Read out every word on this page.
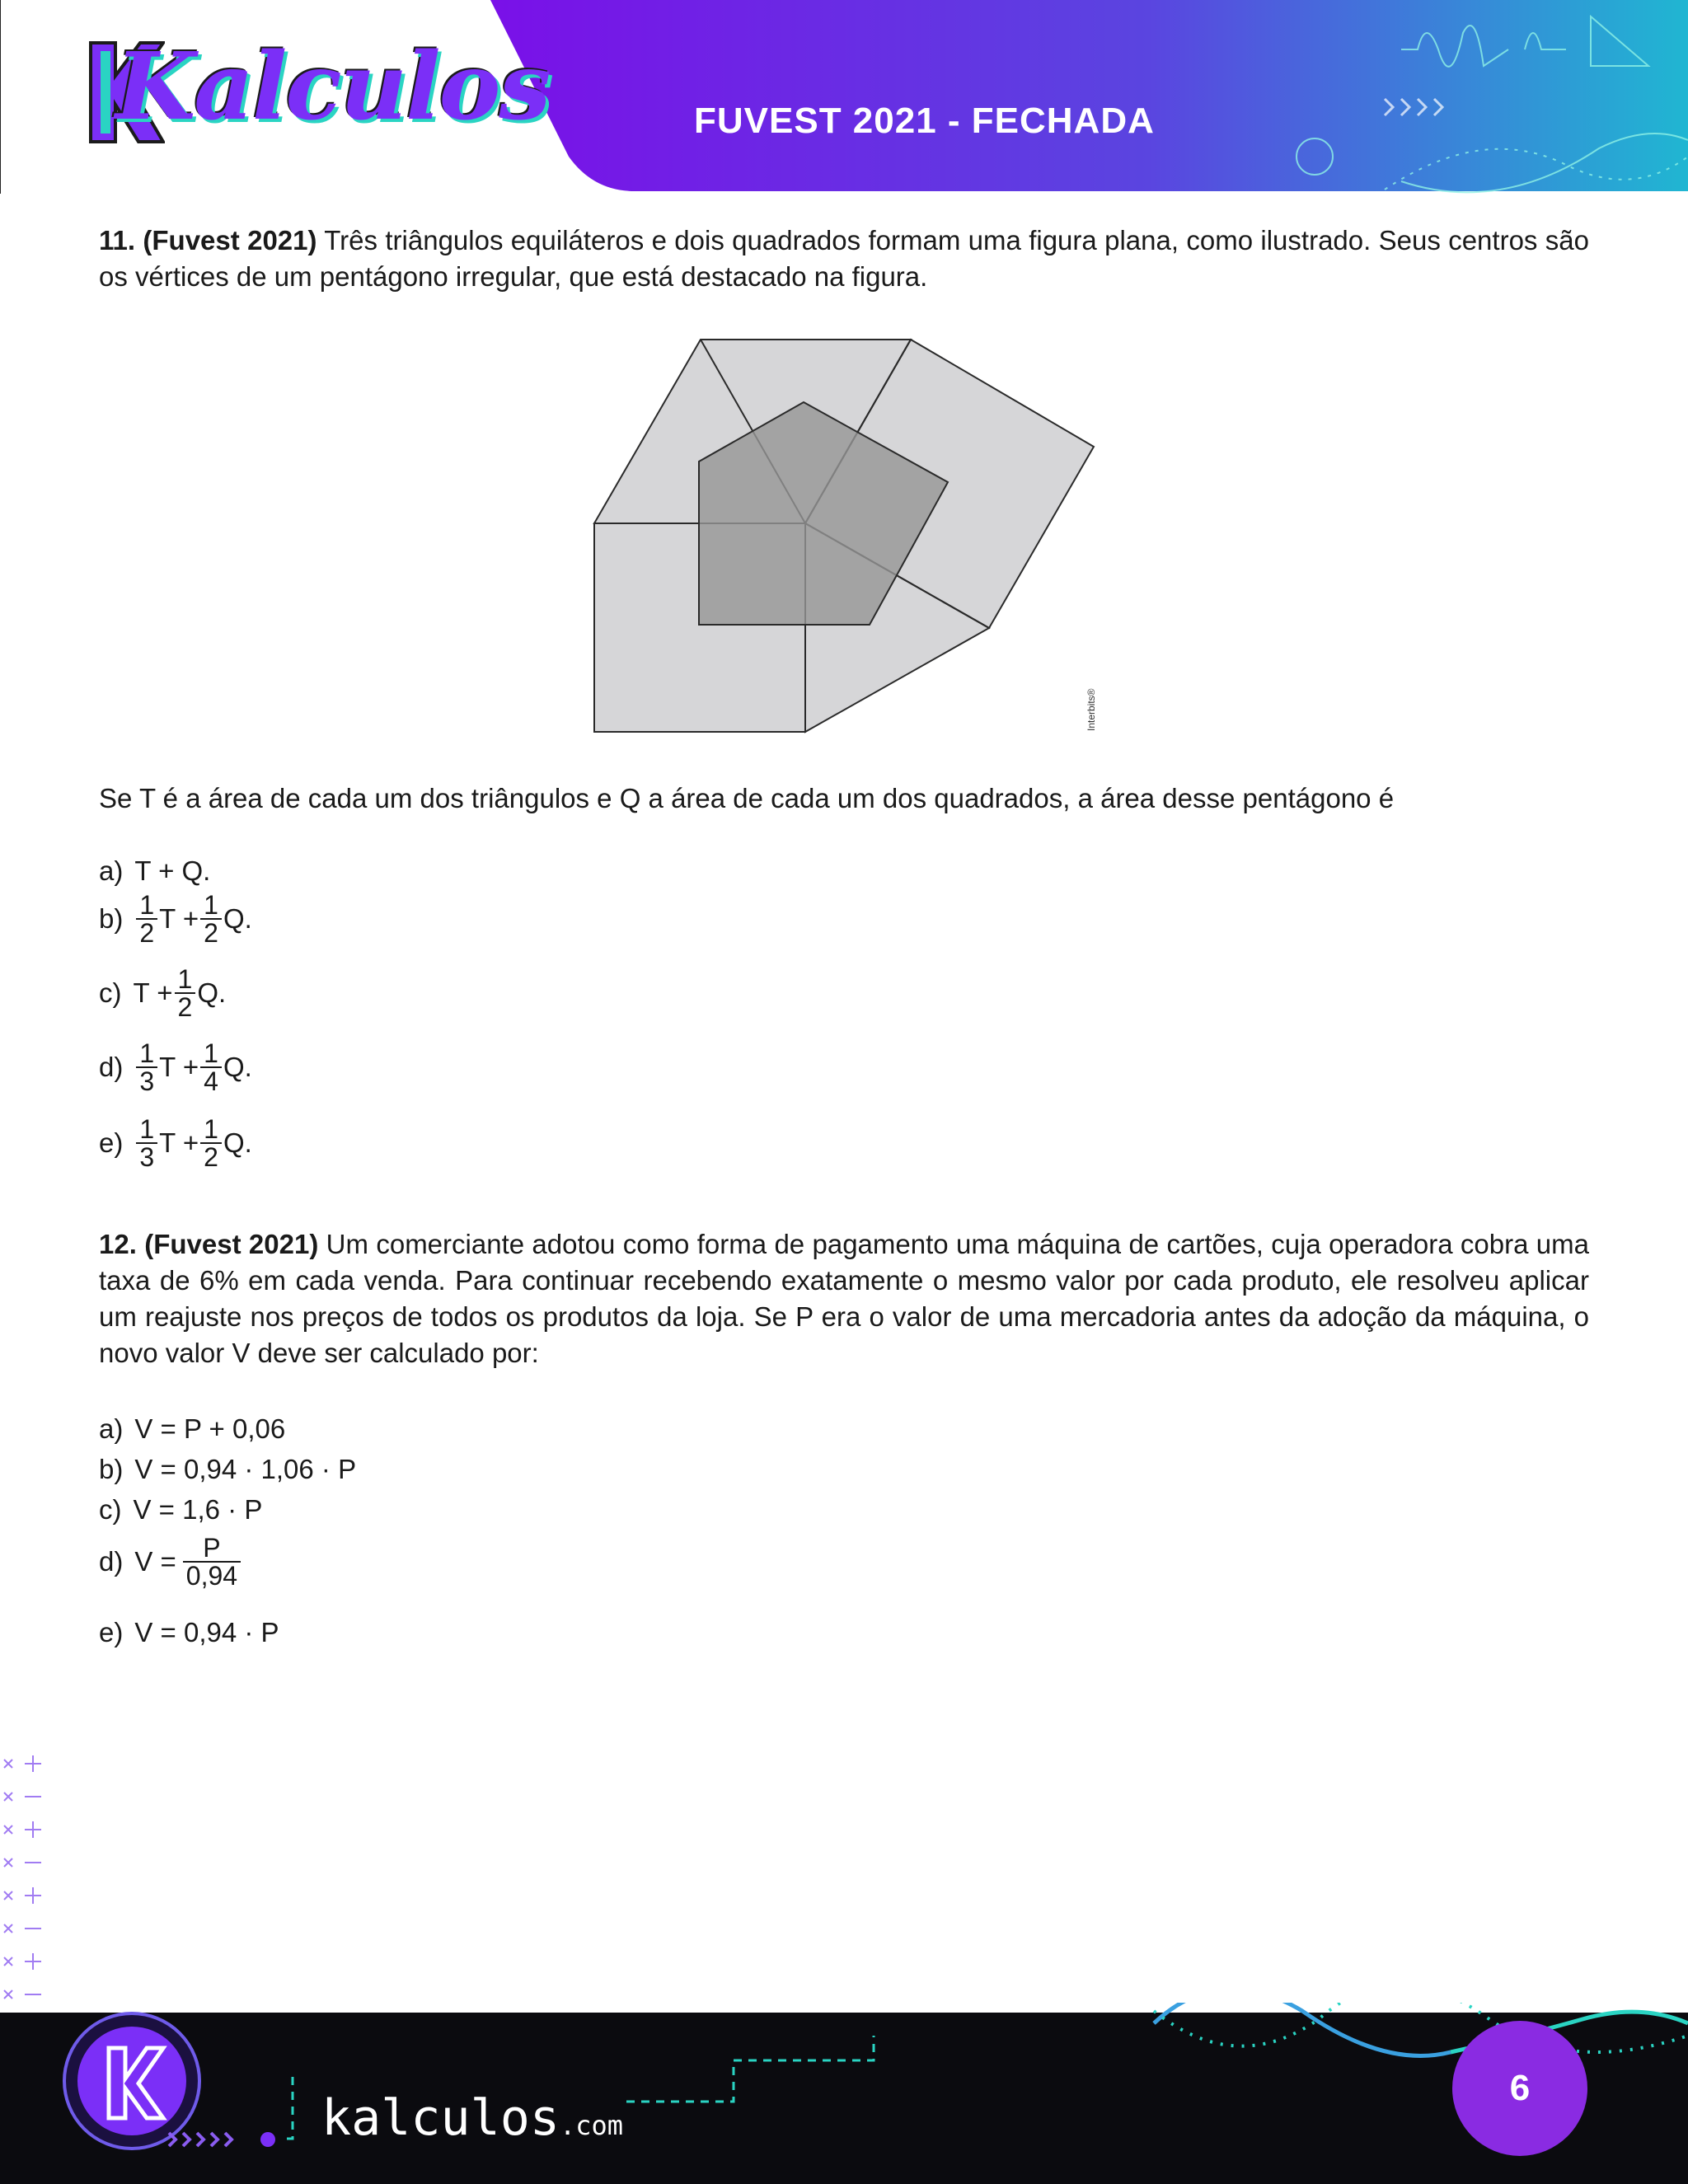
Kalculos	FUVEST 2021 - FECHADA
11. (Fuvest 2021) Três triângulos equiláteros e dois quadrados formam uma figura plana, como ilustrado. Seus centros são os vértices de um pentágono irregular, que está destacado na figura.
Interbits®
Se T é a área de cada um dos triângulos e Q a área de cada um dos quadrados, a área desse pentágono é
a) T + Q.
$b) \frac{1}{2}$ $T + \frac{1}{2} Q$.
c) $T + \frac{1}{2} Q$.
$d) \frac{1}{3}$ $T + \frac{1}{4} Q$.
$e) \frac{1}{3}$ $T + \frac{1}{2} Q$.
12. (Fuvest 2021) Um comerciante adotou como forma de pagamento uma máquina de cartões, cuja operadora cobra uma taxa de 6% em cada venda. Para continuar recebendo exatamente o mesmo valor por cada produto, ele resolveu aplicar um reajuste nos preços de todos os produtos da loja. Se P era o valor de uma mercadoria antes da adoção da máquina, o novo valor V deve ser calculado por:
a) V = P + 0,06
b) V = 0,94 · 1,06 · P
c) V = 1,6 · P
d) $V = \frac{P}{0,94}$
e) V = 0,94 · P
kalculos.com
6
